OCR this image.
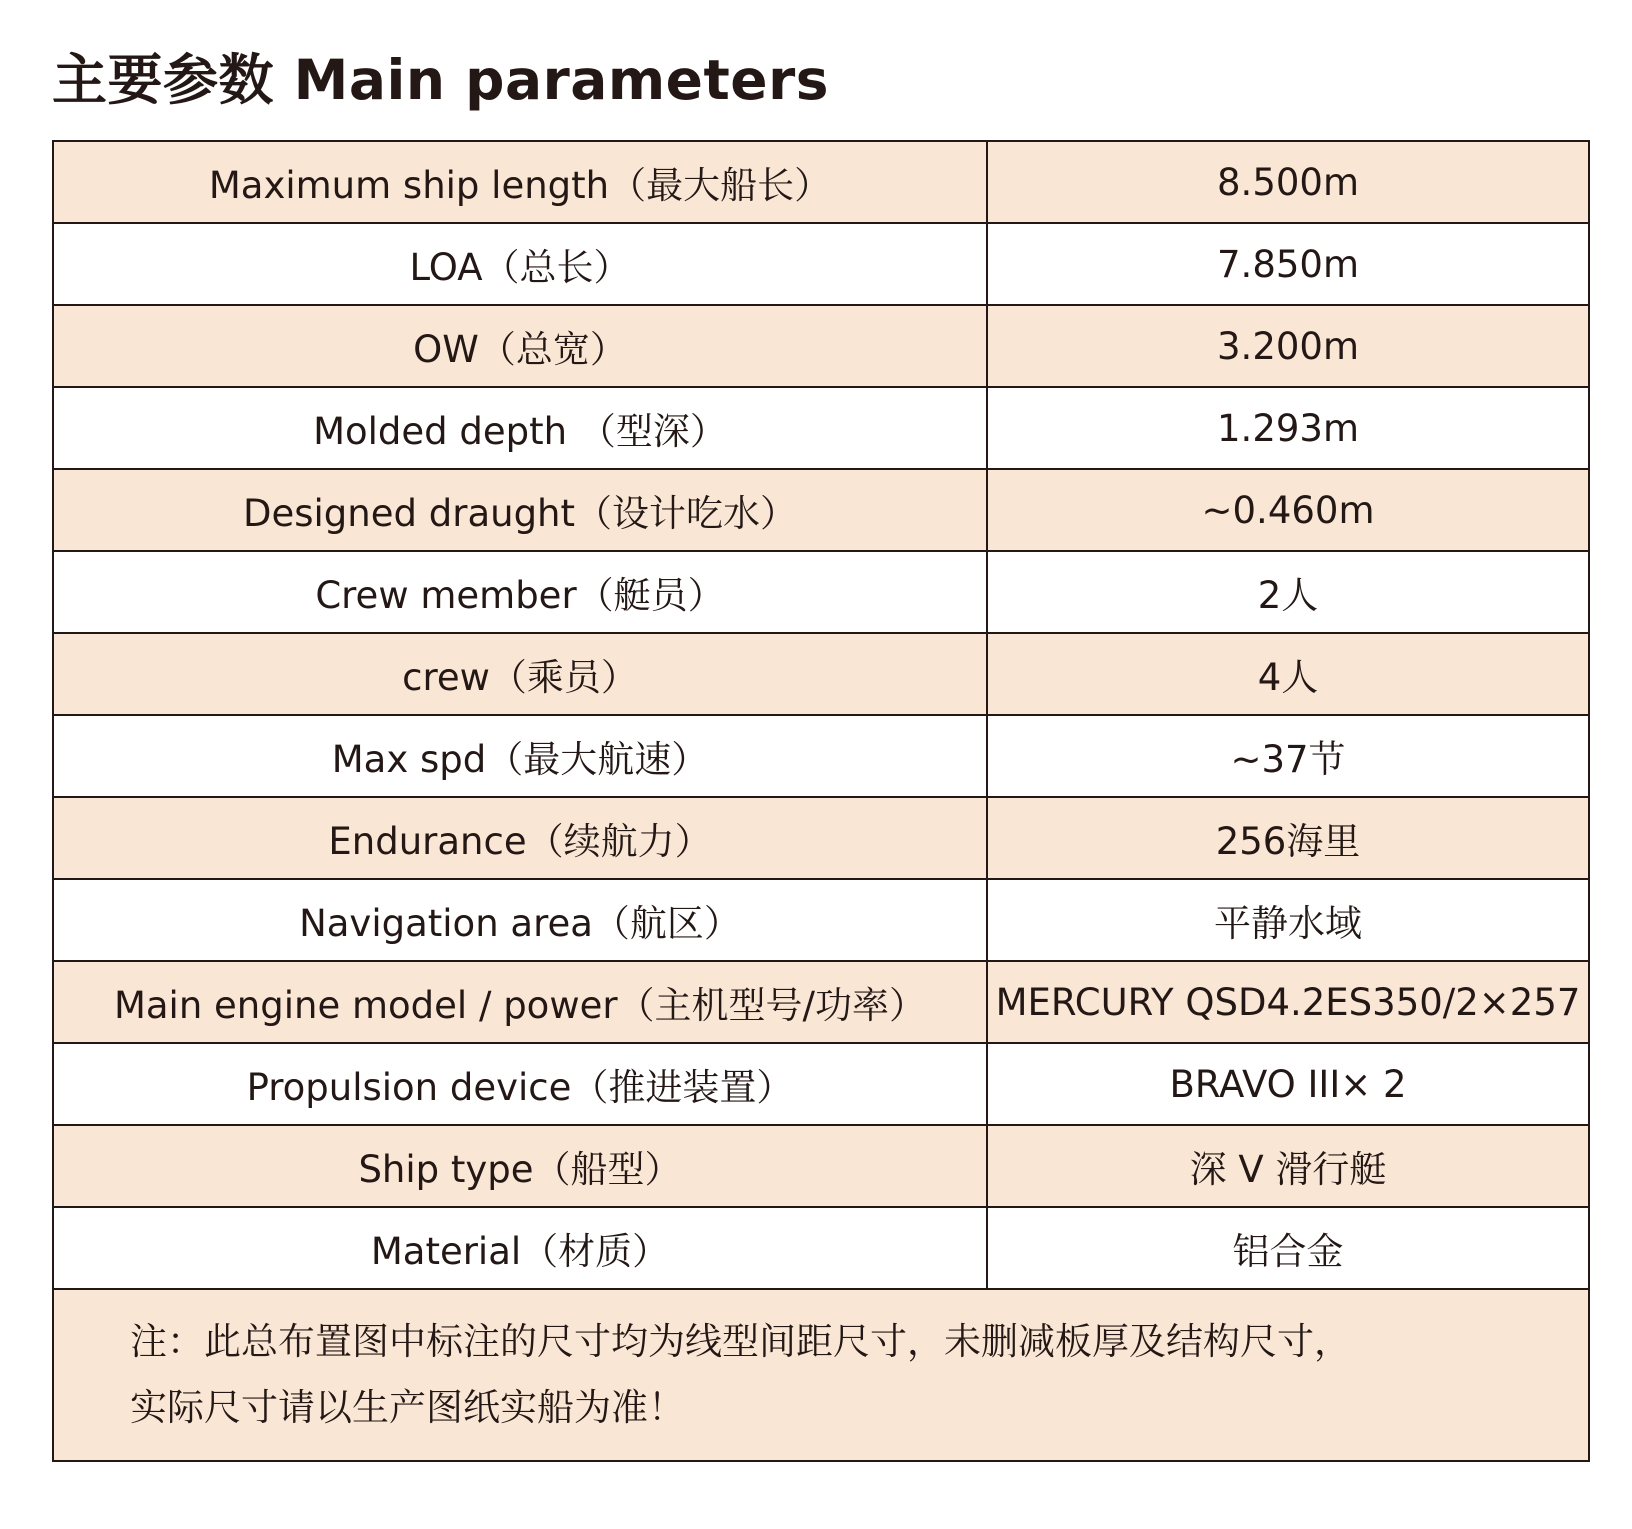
主要参数 Main parameters
Maximum ship length（最大船长）	8.500m
LOA（总长）	7.850m
OW（总宽）	3.200m
Molded depth （型深）	1.293m
Designed draught（设计吃水）	~0.460m
Crew member（艇员）	2人
crew（乘员）	4人
Max spd（最大航速）	~37节
Endurance（续航力）	256海里
Navigation area（航区）	平静水域
Main engine model / power（主机型号/功率）	MERCURY QSD4.2ES350/2×257
Propulsion device（推进装置）	BRAVO III× 2
Ship type（船型）	深 V 滑行艇
Material（材质）	铝合金

注：此总布置图中标注的尺寸均为线型间距尺寸，未删减板厚及结构尺寸，
实际尺寸请以生产图纸实船为准！	
